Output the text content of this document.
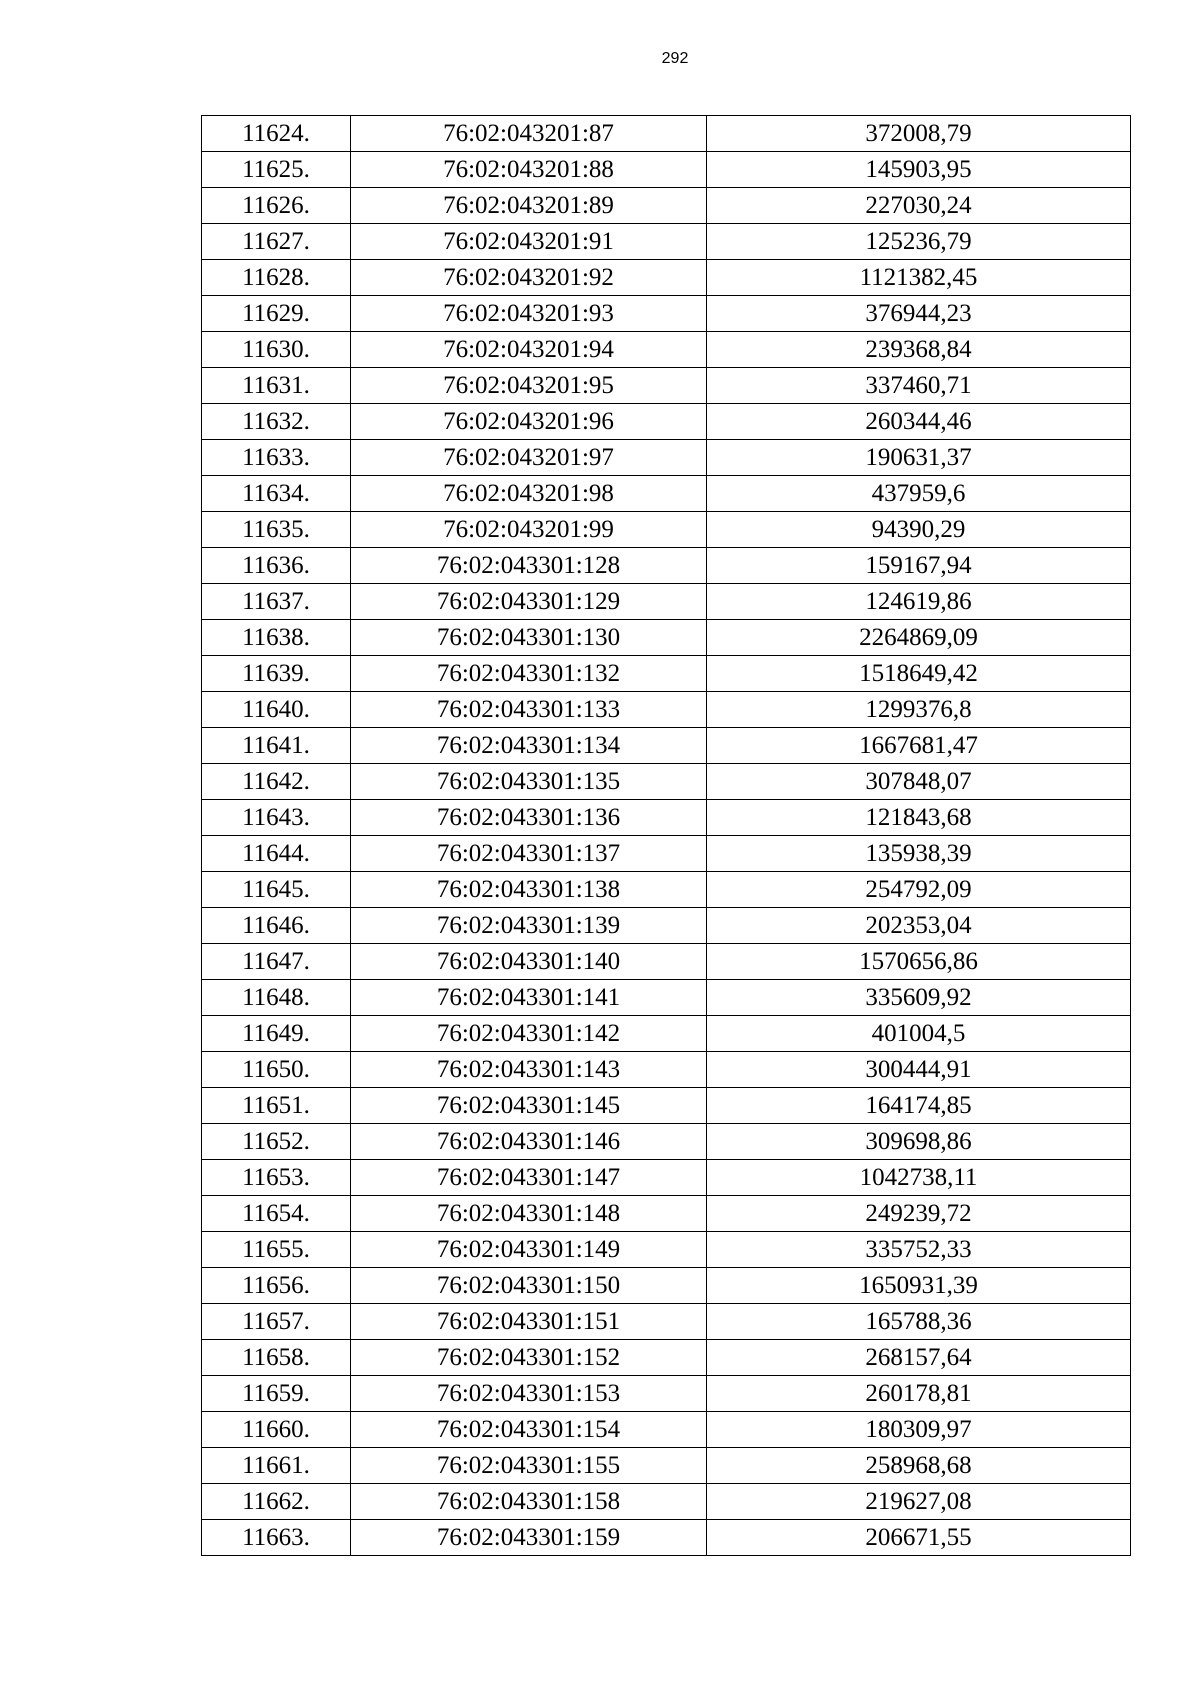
292
11624.	76:02:043201:87	372008,79
11625.	76:02:043201:88	145903,95
11626.	76:02:043201:89	227030,24
11627.	76:02:043201:91	125236,79
11628.	76:02:043201:92	1121382,45
11629.	76:02:043201:93	376944,23
11630.	76:02:043201:94	239368,84
11631.	76:02:043201:95	337460,71
11632.	76:02:043201:96	260344,46
11633.	76:02:043201:97	190631,37
11634.	76:02:043201:98	437959,6
11635.	76:02:043201:99	94390,29
11636.	76:02:043301:128	159167,94
11637.	76:02:043301:129	124619,86
11638.	76:02:043301:130	2264869,09
11639.	76:02:043301:132	1518649,42
11640.	76:02:043301:133	1299376,8
11641.	76:02:043301:134	1667681,47
11642.	76:02:043301:135	307848,07
11643.	76:02:043301:136	121843,68
11644.	76:02:043301:137	135938,39
11645.	76:02:043301:138	254792,09
11646.	76:02:043301:139	202353,04
11647.	76:02:043301:140	1570656,86
11648.	76:02:043301:141	335609,92
11649.	76:02:043301:142	401004,5
11650.	76:02:043301:143	300444,91
11651.	76:02:043301:145	164174,85
11652.	76:02:043301:146	309698,86
11653.	76:02:043301:147	1042738,11
11654.	76:02:043301:148	249239,72
11655.	76:02:043301:149	335752,33
11656.	76:02:043301:150	1650931,39
11657.	76:02:043301:151	165788,36
11658.	76:02:043301:152	268157,64
11659.	76:02:043301:153	260178,81
11660.	76:02:043301:154	180309,97
11661.	76:02:043301:155	258968,68
11662.	76:02:043301:158	219627,08
11663.	76:02:043301:159	206671,55
